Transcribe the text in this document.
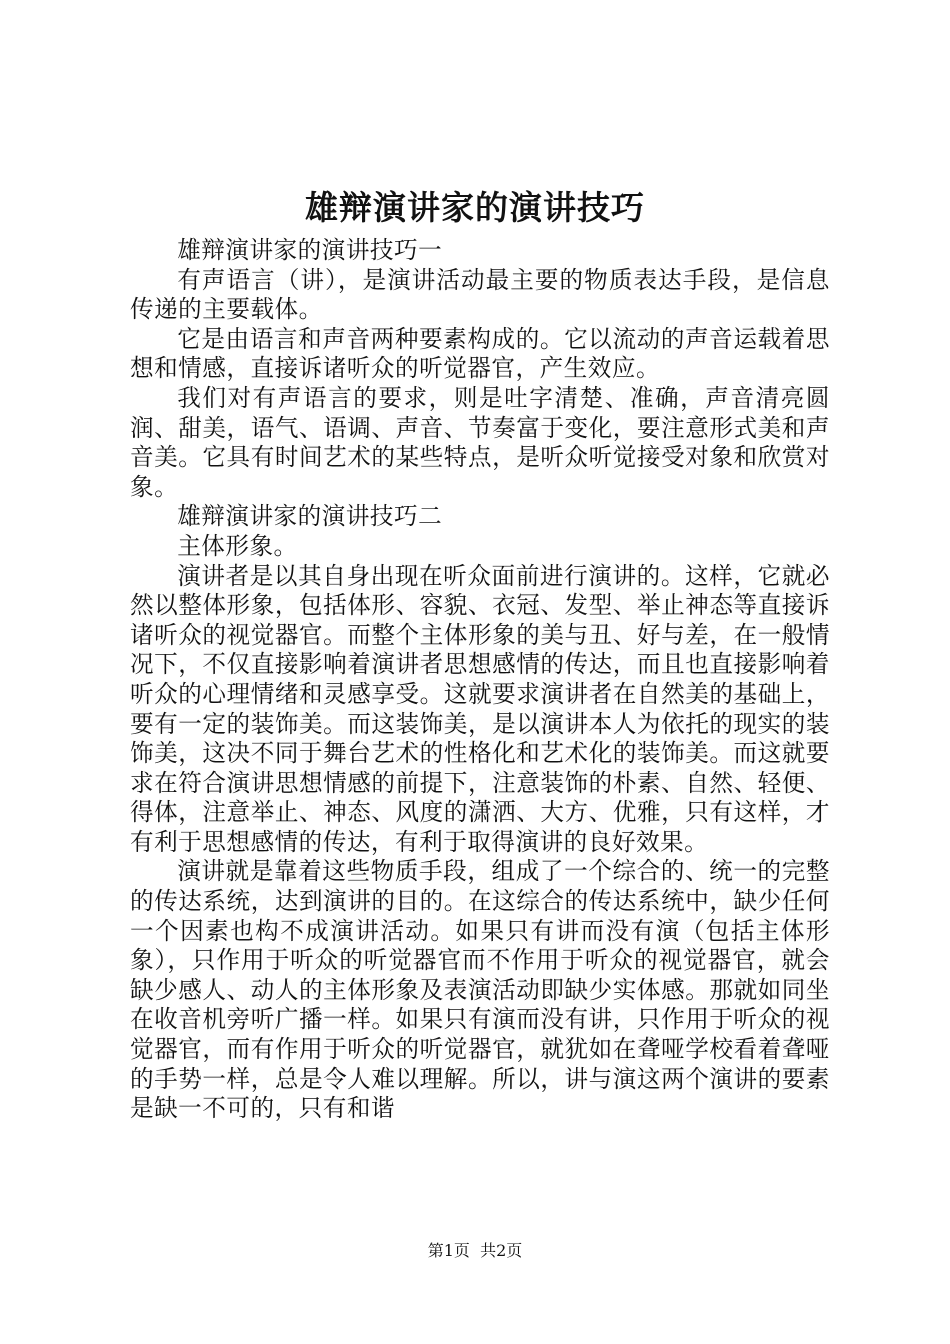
雄辩演讲家的演讲技巧

雄辩演讲家的演讲技巧一

有声语言（讲），是演讲活动最主要的物质表达手段，是信息传递的主要载体。

它是由语言和声音两种要素构成的。它以流动的声音运载着思想和情感，直接诉诸听众的听觉器官，产生效应。

我们对有声语言的要求，则是吐字清楚、准确，声音清亮圆润、甜美，语气、语调、声音、节奏富于变化，要注意形式美和声音美。它具有时间艺术的某些特点，是听众听觉接受对象和欣赏对象。

雄辩演讲家的演讲技巧二

主体形象。

演讲者是以其自身出现在听众面前进行演讲的。这样，它就必然以整体形象，包括体形、容貌、衣冠、发型、举止神态等直接诉诸听众的视觉器官。而整个主体形象的美与丑、好与差，在一般情况下，不仅直接影响着演讲者思想感情的传达，而且也直接影响着听众的心理情绪和灵感享受。这就要求演讲者在自然美的基础上，要有一定的装饰美。而这装饰美，是以演讲本人为依托的现实的装饰美，这决不同于舞台艺术的性格化和艺术化的装饰美。而这就要求在符合演讲思想情感的前提下，注意装饰的朴素、自然、轻便、得体，注意举止、神态、风度的潇洒、大方、优雅，只有这样，才有利于思想感情的传达，有利于取得演讲的良好效果。

演讲就是靠着这些物质手段，组成了一个综合的、统一的完整的传达系统，达到演讲的目的。在这综合的传达系统中，缺少任何一个因素也构不成演讲活动。如果只有讲而没有演（包括主体形象），只作用于听众的听觉器官而不作用于听众的视觉器官，就会缺少感人、动人的主体形象及表演活动即缺少实体感。那就如同坐在收音机旁听广播一样。如果只有演而没有讲，只作用于听众的视觉器官，而有作用于听众的听觉器官，就犹如在聋哑学校看着聋哑的手势一样，总是令人难以理解。所以，讲与演这两个演讲的要素是缺一不可的，只有和谐

第1页 共2页
